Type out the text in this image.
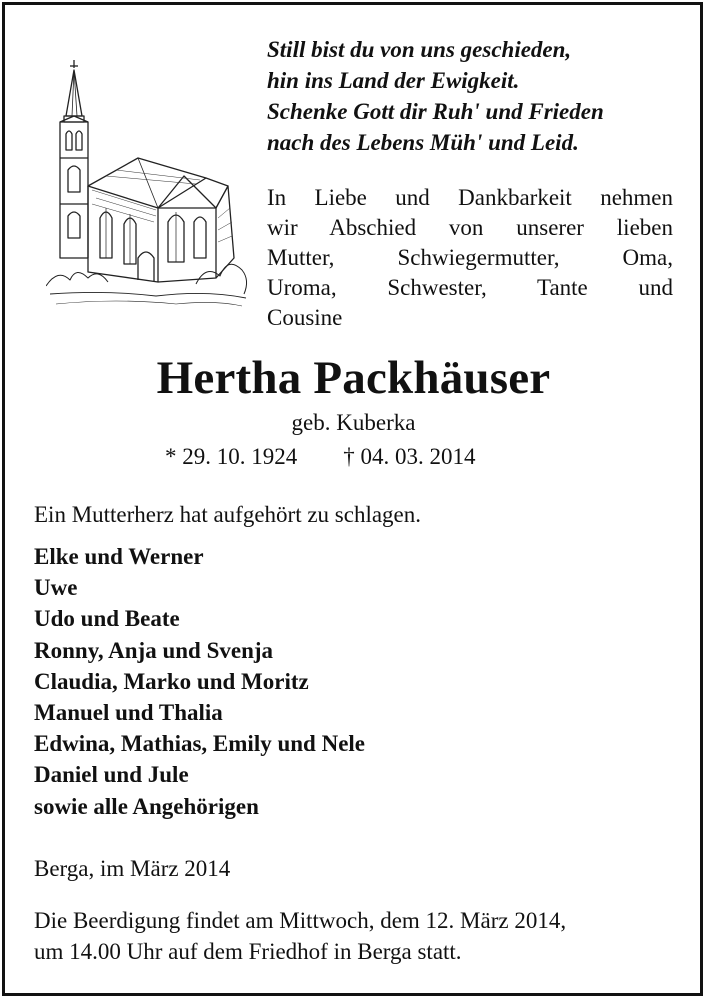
Still bist du von uns geschieden,
hin ins Land der Ewigkeit.
Schenke Gott dir Ruh' und Frieden
nach des Lebens Müh' und Leid.
In Liebe und Dankbarkeit nehmen
wir Abschied von unserer lieben
Mutter, Schwiegermutter, Oma,
Uroma, Schwester, Tante und
Cousine
Hertha Packhäuser
geb. Kuberka
* 29. 10. 1924 † 04. 03. 2014
Ein Mutterherz hat aufgehört zu schlagen.
Elke und Werner
Uwe
Udo und Beate
Ronny, Anja und Svenja
Claudia, Marko und Moritz
Manuel und Thalia
Edwina, Mathias, Emily und Nele
Daniel und Jule
sowie alle Angehörigen
Berga, im März 2014
Die Beerdigung findet am Mittwoch, dem 12. März 2014,
um 14.00 Uhr auf dem Friedhof in Berga statt.
